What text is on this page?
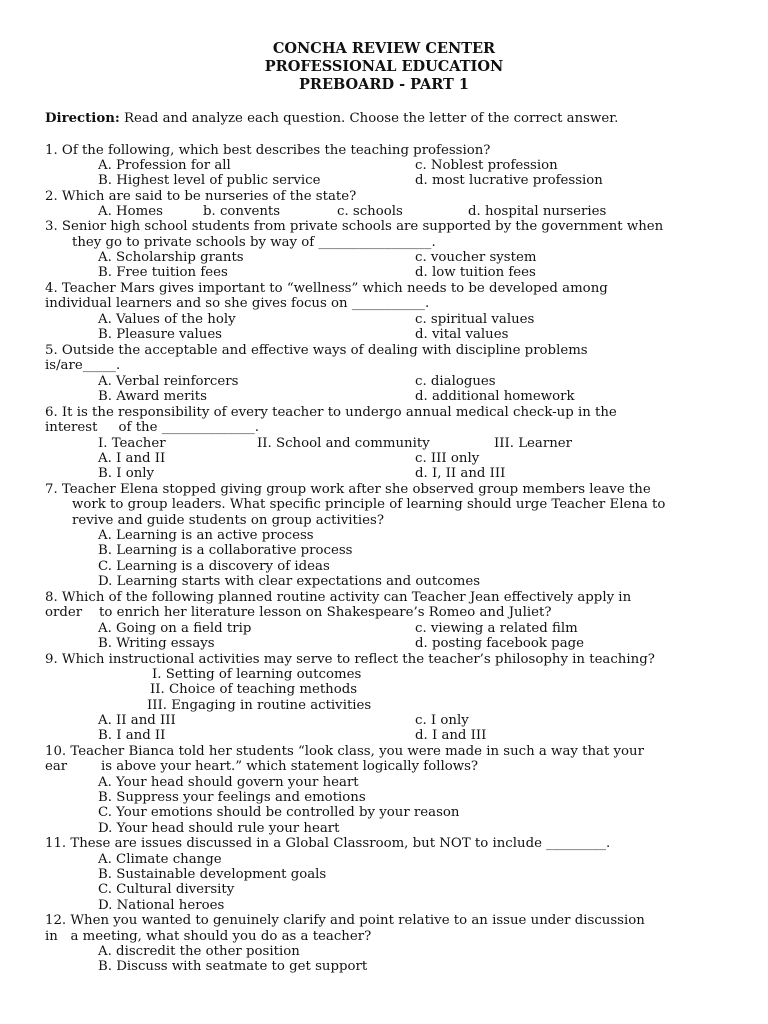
CONCHA REVIEW CENTER
PROFESSIONAL EDUCATION
PREBOARD - PART 1
Direction: Read and analyze each question. Choose the letter of the correct answer.
1. Of the following, which best describes the teaching profession?
A. Profession for all	c. Noblest profession
B. Highest level of public service	d. most lucrative profession
2. Which are said to be nurseries of the state?
A. Homes	b. convents	c. schools	d. hospital nurseries
3. Senior high school students from private schools are supported by the government when
they go to private schools by way of _________________.
A. Scholarship grants	c. voucher system
B. Free tuition fees	d. low tuition fees
4. Teacher Mars gives important to “wellness” which needs to be developed among
individual learners and so she gives focus on ___________.
A. Values of the holy	c. spiritual values
B. Pleasure values	d. vital values
5. Outside the acceptable and effective ways of dealing with discipline problems
is/are_____.
A. Verbal reinforcers	c. dialogues
B. Award merits	d. additional homework
6. It is the responsibility of every teacher to undergo annual medical check-up in the
interest     of the ______________.
I. Teacher	II. School and community	III. Learner
A. I and II	c. III only
B. I only	d. I, II and III
7. Teacher Elena stopped giving group work after she observed group members leave the
work to group leaders. What specific principle of learning should urge Teacher Elena to
revive and guide students on group activities?
A. Learning is an active process
B. Learning is a collaborative process
C. Learning is a discovery of ideas
D. Learning starts with clear expectations and outcomes
8. Which of the following planned routine activity can Teacher Jean effectively apply in
order    to enrich her literature lesson on Shakespeare’s Romeo and Juliet?
A. Going on a field trip	c. viewing a related film
B. Writing essays	d. posting facebook page
9. Which instructional activities may serve to reflect the teacher’s philosophy in teaching?
I. Setting of learning outcomes
II. Choice of teaching methods
III. Engaging in routine activities
A. II and III	c. I only
B. I and II	d. I and III
10. Teacher Bianca told her students “look class, you were made in such a way that your
ear        is above your heart.” which statement logically follows?
A. Your head should govern your heart
B. Suppress your feelings and emotions
C. Your emotions should be controlled by your reason
D. Your head should rule your heart
11. These are issues discussed in a Global Classroom, but NOT to include _________.
A. Climate change
B. Sustainable development goals
C. Cultural diversity
D. National heroes
12. When you wanted to genuinely clarify and point relative to an issue under discussion
in   a meeting, what should you do as a teacher?
A. discredit the other position
B. Discuss with seatmate to get support
